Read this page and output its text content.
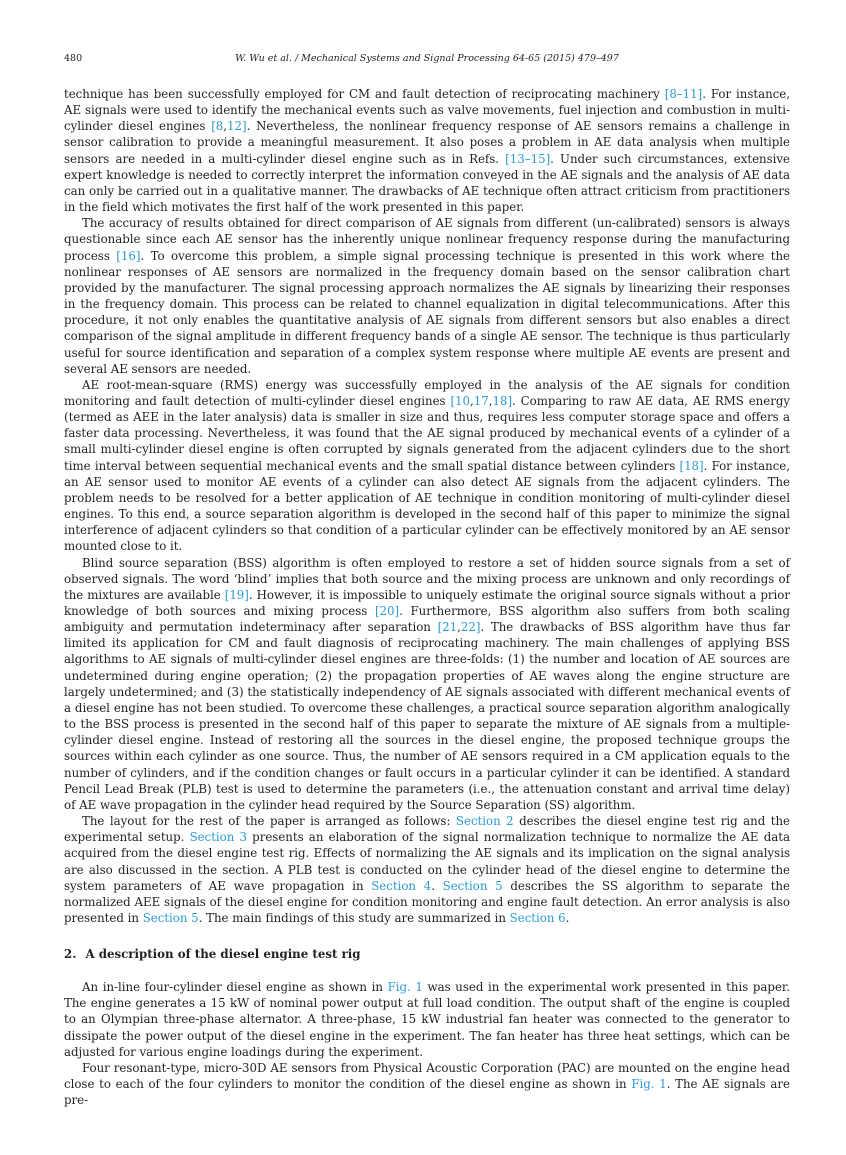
480	W. Wu et al. / Mechanical Systems and Signal Processing 64-65 (2015) 479–497

technique has been successfully employed for CM and fault detection of reciprocating machinery [8–11]. For instance, AE signals were used to identify the mechanical events such as valve movements, fuel injection and combustion in multi-cylinder diesel engines [8,12]. Nevertheless, the nonlinear frequency response of AE sensors remains a challenge in sensor calibration to provide a meaningful measurement. It also poses a problem in AE data analysis when multiple sensors are needed in a multi-cylinder diesel engine such as in Refs. [13–15]. Under such circumstances, extensive expert knowledge is needed to correctly interpret the information conveyed in the AE signals and the analysis of AE data can only be carried out in a qualitative manner. The drawbacks of AE technique often attract criticism from practitioners in the field which motivates the first half of the work presented in this paper.

The accuracy of results obtained for direct comparison of AE signals from different (un-calibrated) sensors is always questionable since each AE sensor has the inherently unique nonlinear frequency response during the manufacturing process [16]. To overcome this problem, a simple signal processing technique is presented in this work where the nonlinear responses of AE sensors are normalized in the frequency domain based on the sensor calibration chart provided by the manufacturer. The signal processing approach normalizes the AE signals by linearizing their responses in the frequency domain. This process can be related to channel equalization in digital telecommunications. After this procedure, it not only enables the quantitative analysis of AE signals from different sensors but also enables a direct comparison of the signal amplitude in different frequency bands of a single AE sensor. The technique is thus particularly useful for source identification and separation of a complex system response where multiple AE events are present and several AE sensors are needed.

AE root-mean-square (RMS) energy was successfully employed in the analysis of the AE signals for condition monitoring and fault detection of multi-cylinder diesel engines [10,17,18]. Comparing to raw AE data, AE RMS energy (termed as AEE in the later analysis) data is smaller in size and thus, requires less computer storage space and offers a faster data processing. Nevertheless, it was found that the AE signal produced by mechanical events of a cylinder of a small multi-cylinder diesel engine is often corrupted by signals generated from the adjacent cylinders due to the short time interval between sequential mechanical events and the small spatial distance between cylinders [18]. For instance, an AE sensor used to monitor AE events of a cylinder can also detect AE signals from the adjacent cylinders. The problem needs to be resolved for a better application of AE technique in condition monitoring of multi-cylinder diesel engines. To this end, a source separation algorithm is developed in the second half of this paper to minimize the signal interference of adjacent cylinders so that condition of a particular cylinder can be effectively monitored by an AE sensor mounted close to it.

Blind source separation (BSS) algorithm is often employed to restore a set of hidden source signals from a set of observed signals. The word ‘blind’ implies that both source and the mixing process are unknown and only recordings of the mixtures are available [19]. However, it is impossible to uniquely estimate the original source signals without a prior knowledge of both sources and mixing process [20]. Furthermore, BSS algorithm also suffers from both scaling ambiguity and permutation indeterminacy after separation [21,22]. The drawbacks of BSS algorithm have thus far limited its application for CM and fault diagnosis of reciprocating machinery. The main challenges of applying BSS algorithms to AE signals of multi-cylinder diesel engines are three-folds: (1) the number and location of AE sources are undetermined during engine operation; (2) the propagation properties of AE waves along the engine structure are largely undetermined; and (3) the statistically independency of AE signals associated with different mechanical events of a diesel engine has not been studied. To overcome these challenges, a practical source separation algorithm analogically to the BSS process is presented in the second half of this paper to separate the mixture of AE signals from a multiple-cylinder diesel engine. Instead of restoring all the sources in the diesel engine, the proposed technique groups the sources within each cylinder as one source. Thus, the number of AE sensors required in a CM application equals to the number of cylinders, and if the condition changes or fault occurs in a particular cylinder it can be identified. A standard Pencil Lead Break (PLB) test is used to determine the parameters (i.e., the attenuation constant and arrival time delay) of AE wave propagation in the cylinder head required by the Source Separation (SS) algorithm.

The layout for the rest of the paper is arranged as follows: Section 2 describes the diesel engine test rig and the experimental setup. Section 3 presents an elaboration of the signal normalization technique to normalize the AE data acquired from the diesel engine test rig. Effects of normalizing the AE signals and its implication on the signal analysis are also discussed in the section. A PLB test is conducted on the cylinder head of the diesel engine to determine the system parameters of AE wave propagation in Section 4. Section 5 describes the SS algorithm to separate the normalized AEE signals of the diesel engine for condition monitoring and engine fault detection. An error analysis is also presented in Section 5. The main findings of this study are summarized in Section 6.

2. A description of the diesel engine test rig

An in-line four-cylinder diesel engine as shown in Fig. 1 was used in the experimental work presented in this paper. The engine generates a 15 kW of nominal power output at full load condition. The output shaft of the engine is coupled to an Olympian three-phase alternator. A three-phase, 15 kW industrial fan heater was connected to the generator to dissipate the power output of the diesel engine in the experiment. The fan heater has three heat settings, which can be adjusted for various engine loadings during the experiment.

Four resonant-type, micro-30D AE sensors from Physical Acoustic Corporation (PAC) are mounted on the engine head close to each of the four cylinders to monitor the condition of the diesel engine as shown in Fig. 1. The AE signals are pre-
